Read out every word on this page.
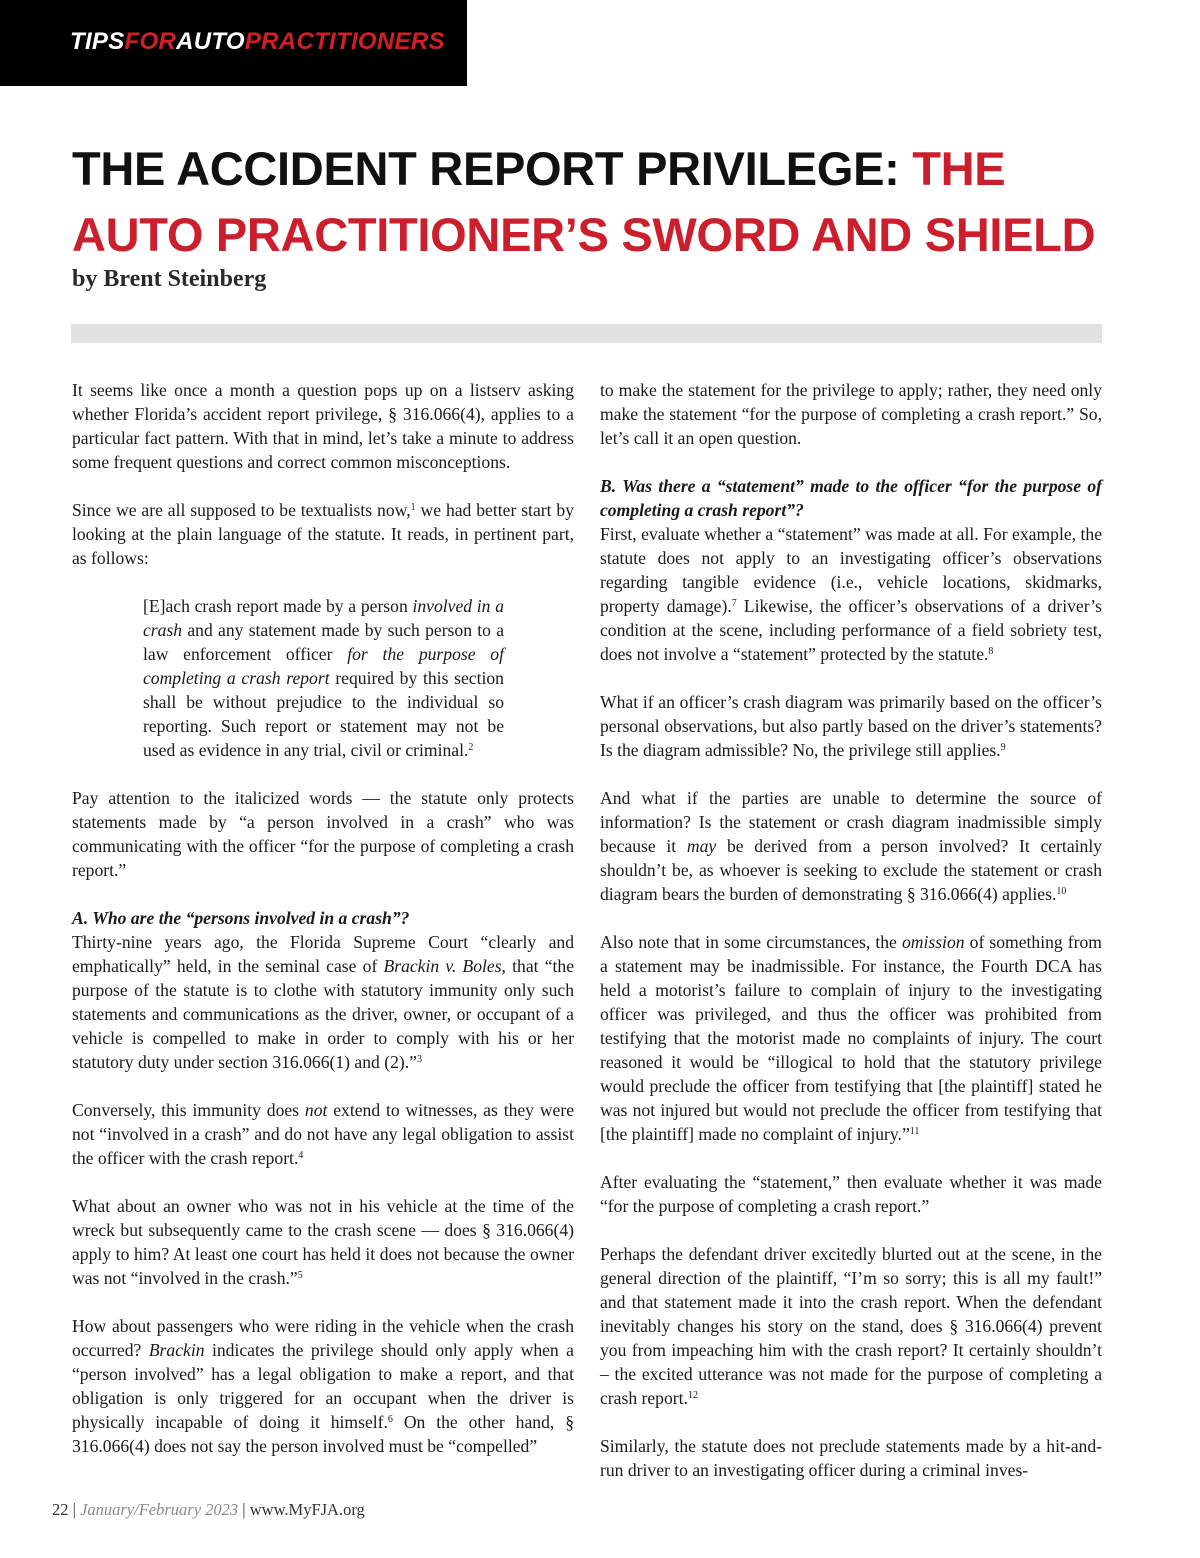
TIPSFORAUTOPRACTITIONERS
THE ACCIDENT REPORT PRIVILEGE: THE AUTO PRACTITIONER’S SWORD AND SHIELD
by Brent Steinberg

It seems like once a month a question pops up on a listserv asking whether Florida’s accident report privilege, § 316.066(4), applies to a particular fact pattern. With that in mind, let’s take a minute to address some frequent questions and correct common misconceptions.

Since we are all supposed to be textualists now,$^1$ we had better start by looking at the plain language of the statute. It reads, in pertinent part, as follows:

[E]ach crash report made by a person involved in a crash and any statement made by such person to a law enforcement officer for the purpose of completing a crash report required by this section shall be without prejudice to the individual so reporting. Such report or statement may not be used as evidence in any trial, civil or criminal.$^2$

Pay attention to the italicized words — the statute only protects statements made by “a person involved in a crash” who was communicating with the officer “for the purpose of completing a crash report.”

A. Who are the “persons involved in a crash”?

Thirty-nine years ago, the Florida Supreme Court “clearly and emphatically” held, in the seminal case of Brackin v. Boles, that “the purpose of the statute is to clothe with statutory immunity only such statements and communications as the driver, owner, or occupant of a vehicle is compelled to make in order to comply with his or her statutory duty under section 316.066(1) and (2).”$^3$

Conversely, this immunity does not extend to witnesses, as they were not “involved in a crash” and do not have any legal obligation to assist the officer with the crash report.$^4$

What about an owner who was not in his vehicle at the time of the wreck but subsequently came to the crash scene — does § 316.066(4) apply to him? At least one court has held it does not because the owner was not “involved in the crash.”$^5$

How about passengers who were riding in the vehicle when the crash occurred? Brackin indicates the privilege should only apply when a “person involved” has a legal obligation to make a report, and that obligation is only triggered for an occupant when the driver is physically incapable of doing it himself.$^6$ On the other hand, § 316.066(4) does not say the person involved must be “compelled”

to make the statement for the privilege to apply; rather, they need only make the statement “for the purpose of completing a crash report.” So, let’s call it an open question.

B. Was there a “statement” made to the officer “for the purpose of completing a crash report”?

First, evaluate whether a “statement” was made at all. For example, the statute does not apply to an investigating officer’s observations regarding tangible evidence (i.e., vehicle locations, skidmarks, property damage).$^7$ Likewise, the officer’s observations of a driver’s condition at the scene, including performance of a field sobriety test, does not involve a “statement” protected by the statute.$^8$

What if an officer’s crash diagram was primarily based on the officer’s personal observations, but also partly based on the driver’s statements? Is the diagram admissible? No, the privilege still applies.$^9$

And what if the parties are unable to determine the source of information? Is the statement or crash diagram inadmissible simply because it may be derived from a person involved? It certainly shouldn’t be, as whoever is seeking to exclude the statement or crash diagram bears the burden of demonstrating § 316.066(4) applies.$^{10}$

Also note that in some circumstances, the omission of something from a statement may be inadmissible. For instance, the Fourth DCA has held a motorist’s failure to complain of injury to the investigating officer was privileged, and thus the officer was prohibited from testifying that the motorist made no complaints of injury. The court reasoned it would be “illogical to hold that the statutory privilege would preclude the officer from testifying that [the plaintiff] stated he was not injured but would not preclude the officer from testifying that [the plaintiff] made no complaint of injury.”$^{11}$

After evaluating the “statement,” then evaluate whether it was made “for the purpose of completing a crash report.”

Perhaps the defendant driver excitedly blurted out at the scene, in the general direction of the plaintiff, “I’m so sorry; this is all my fault!” and that statement made it into the crash report. When the defendant inevitably changes his story on the stand, does § 316.066(4) prevent you from impeaching him with the crash report? It certainly shouldn’t – the excited utterance was not made for the purpose of completing a crash report.$^{12}$

Similarly, the statute does not preclude statements made by a hit-and-run driver to an investigating officer during a criminal inves-

22 | January/February 2023 | www.MyFJA.org
